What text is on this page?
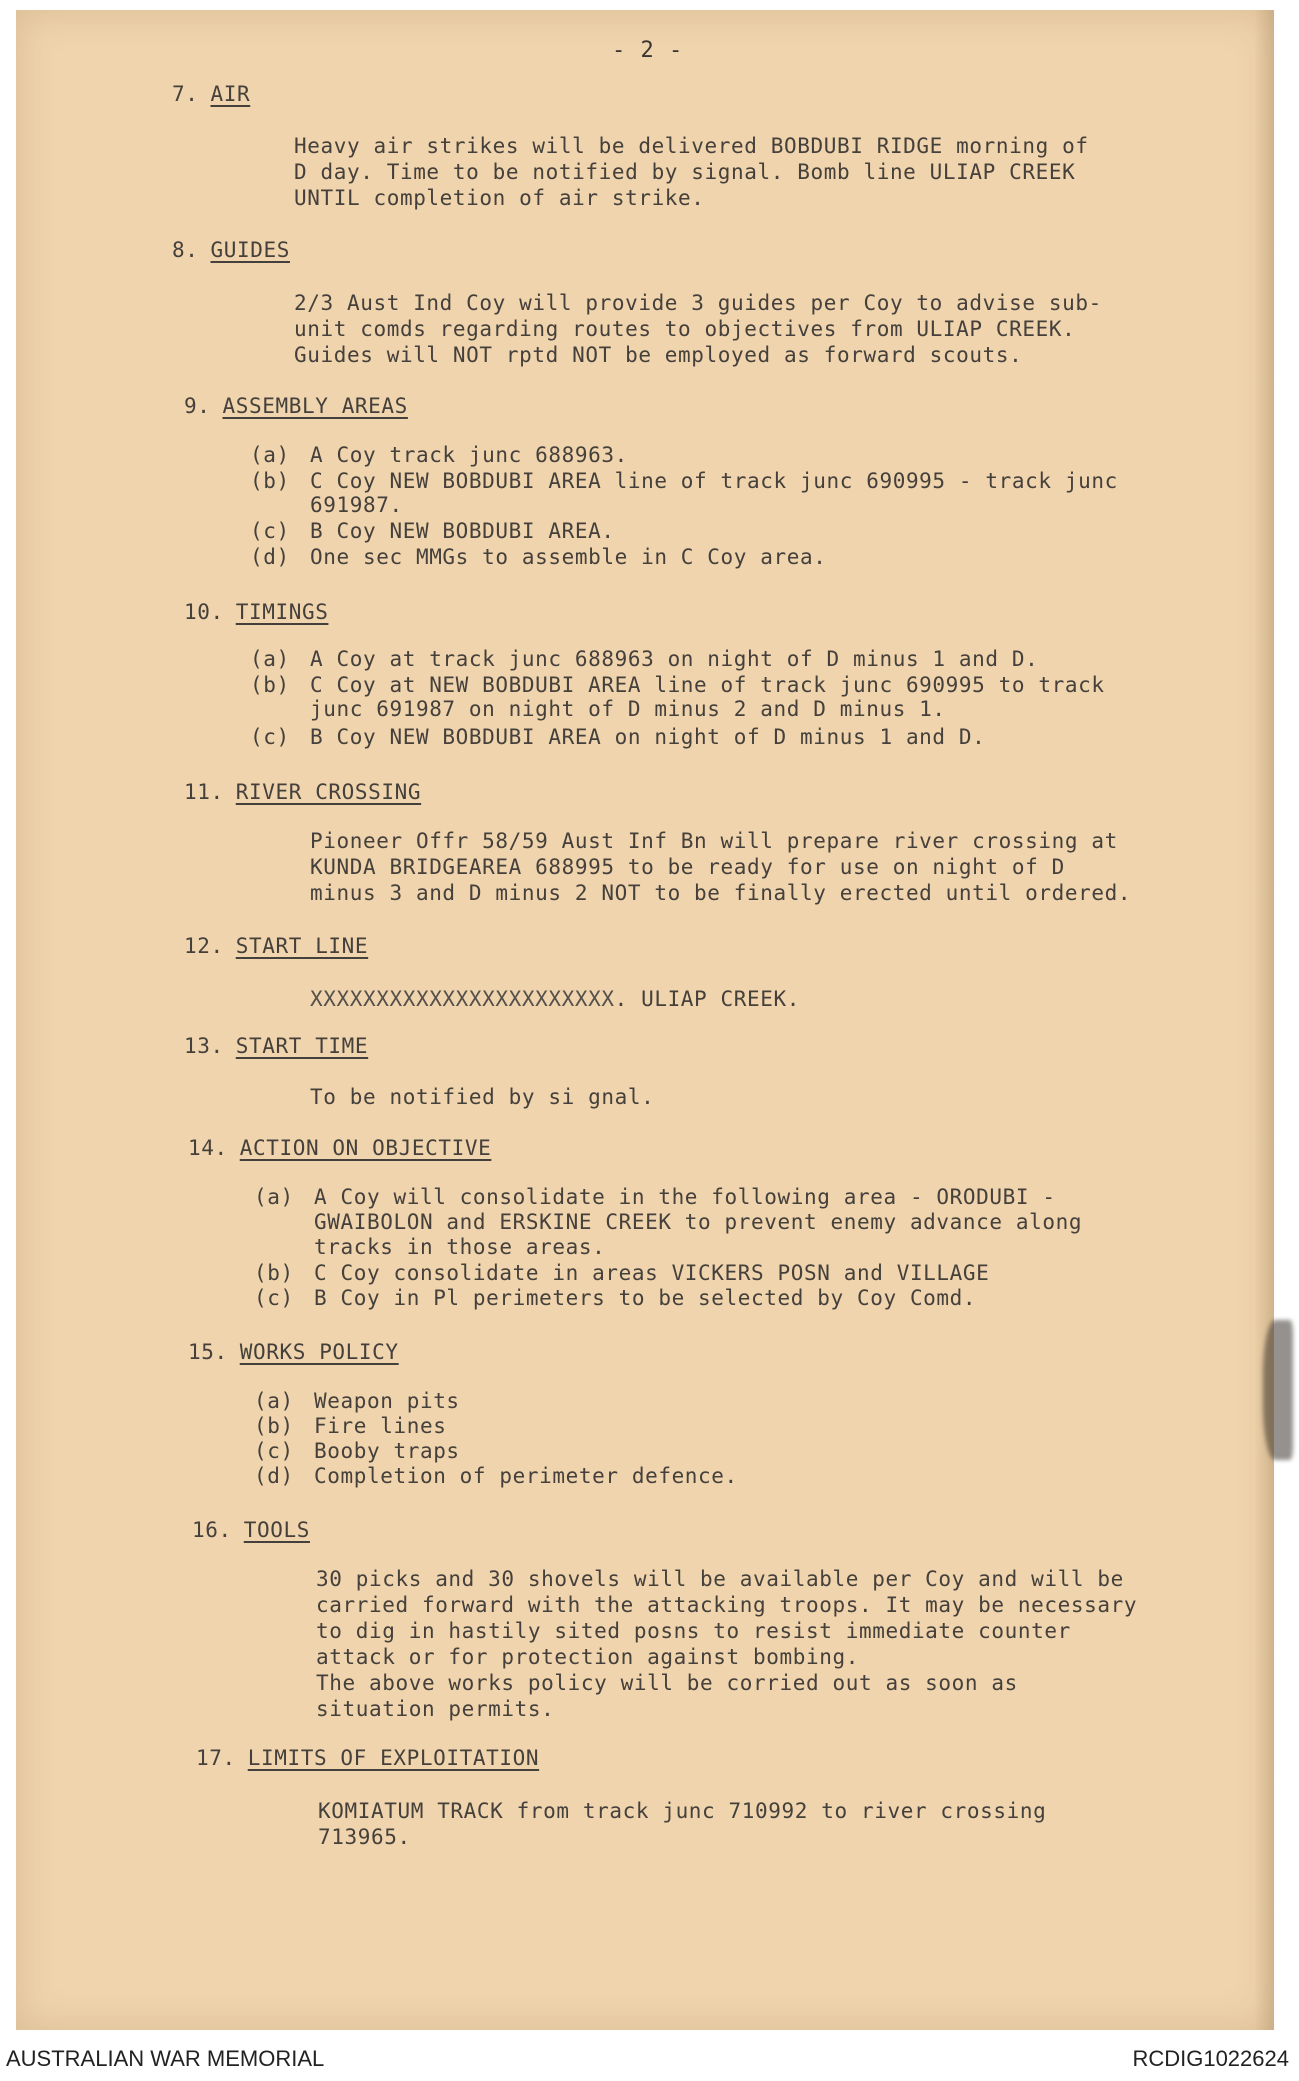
- 2 -
7. AIR
Heavy air strikes will be delivered BOBDUBI RIDGE morning of
D day. Time to be notified by signal. Bomb line ULIAP CREEK
UNTIL completion of air strike.
8. GUIDES
2/3 Aust Ind Coy will provide 3 guides per Coy to advise sub-
unit comds regarding routes to objectives from ULIAP CREEK.
Guides will NOT rptd NOT be employed as forward scouts.
9. ASSEMBLY AREAS
(a) A Coy track junc 688963.
(b) C Coy NEW BOBDUBI AREA line of track junc 690995 - track junc
691987.
(c) B Coy NEW BOBDUBI AREA.
(d) One sec MMGs to assemble in C Coy area.
10. TIMINGS
(a) A Coy at track junc 688963 on night of D minus 1 and D.
(b) C Coy at NEW BOBDUBI AREA line of track junc 690995 to track
junc 691987 on night of D minus 2 and D minus 1.
(c) B Coy NEW BOBDUBI AREA on night of D minus 1 and D.
11. RIVER CROSSING
Pioneer Offr 58/59 Aust Inf Bn will prepare river crossing at
KUNDA BRIDGEAREA 688995 to be ready for use on night of D
minus 3 and D minus 2 NOT to be finally erected until ordered.
12. START LINE
XXXXXXXXXXXXXXXXXXXXXXX. ULIAP CREEK.
13. START TIME
To be notified by si gnal.
14. ACTION ON OBJECTIVE
(a) A Coy will consolidate in the following area - ORODUBI -
GWAIBOLON and ERSKINE CREEK to prevent enemy advance along
tracks in those areas.
(b) C Coy consolidate in areas VICKERS POSN and VILLAGE
(c) B Coy in Pl perimeters to be selected by Coy Comd.
15. WORKS POLICY
(a) Weapon pits
(b) Fire lines
(c) Booby traps
(d) Completion of perimeter defence.
16. TOOLS
30 picks and 30 shovels will be available per Coy and will be
carried forward with the attacking troops. It may be necessary
to dig in hastily sited posns to resist immediate counter
attack or for protection against bombing.
The above works policy will be corried out as soon as
situation permits.
17. LIMITS OF EXPLOITATION
KOMIATUM TRACK from track junc 710992 to river crossing
713965.
AUSTRALIAN WAR MEMORIAL	RCDIG1022624
